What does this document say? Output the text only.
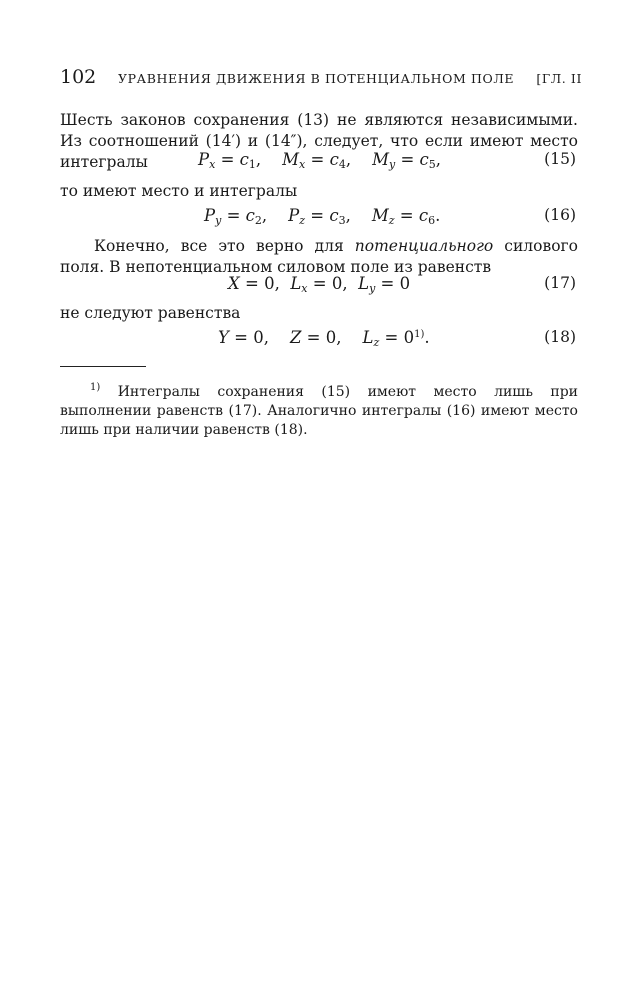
102 УРАВНЕНИЯ ДВИЖЕНИЯ В ПОТЕНЦИАЛЬНОМ ПОЛЕ [ГЛ. II
Шесть законов сохранения (13) не являются независимыми. Из соотношений (14′) и (14″), следует, что если имеют место интегралы	$P_x = c_1$,    $M_x = c_4$,    $M_y = c_5$,	(15)
то имеют место и интегралы
$P_y = c_2$,    $P_z = c_3$,    $M_z = c_6$.	(16)
Конечно, все это верно для потенциального силового поля. В непотенциальном силовом поле из равенств
X = 0,  $L_x = 0$,  $L_y = 0$	(17)
не следуют равенства
Y = 0,    Z = 0,    $L_z = 0^{1)}$.	(18)
$^{1)}$ Интегралы сохранения (15) имеют место лишь при выполнении равенств (17). Аналогично интегралы (16) имеют место лишь при наличии равенств (18).
